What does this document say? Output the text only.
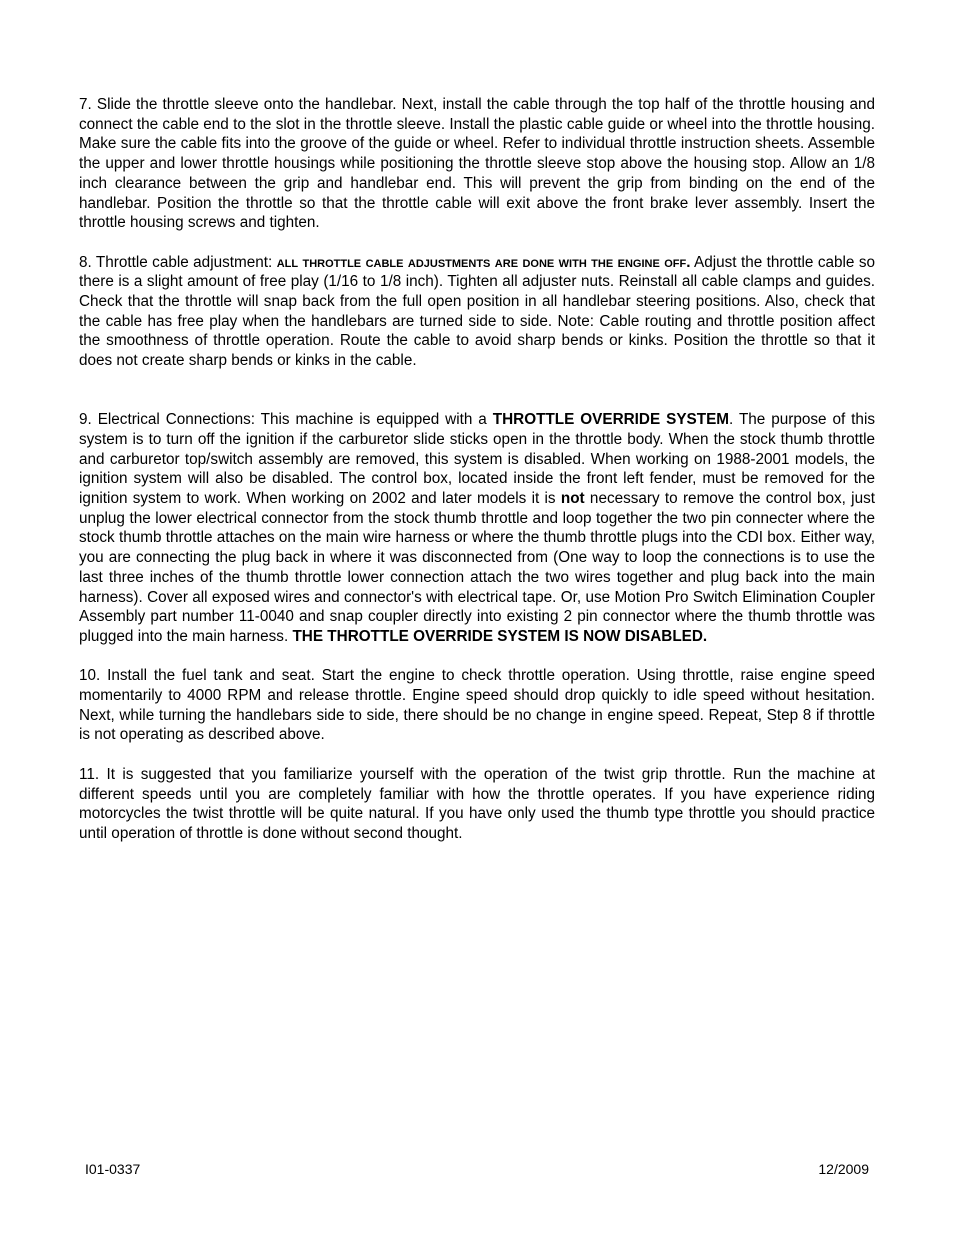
7. Slide the throttle sleeve onto the handlebar. Next, install the cable through the top half of the throttle housing and connect the cable end to the slot in the throttle sleeve. Install the plastic cable guide or wheel into the throttle housing. Make sure the cable fits into the groove of the guide or wheel. Refer to individual throttle instruction sheets. Assemble the upper and lower throttle housings while positioning the throttle sleeve stop above the housing stop. Allow an 1/8 inch clearance between the grip and handlebar end. This will prevent the grip from binding on the end of the handlebar. Position the throttle so that the throttle cable will exit above the front brake lever assembly. Insert the throttle housing screws and tighten.

8. Throttle cable adjustment: all throttle cable adjustments are done with the engine off. Adjust the throttle cable so there is a slight amount of free play (1/16 to 1/8 inch). Tighten all adjuster nuts. Reinstall all cable clamps and guides. Check that the throttle will snap back from the full open position in all handlebar steering positions. Also, check that the cable has free play when the handlebars are turned side to side. Note: Cable routing and throttle position affect the smoothness of throttle operation. Route the cable to avoid sharp bends or kinks. Position the throttle so that it does not create sharp bends or kinks in the cable.

9. Electrical Connections: This machine is equipped with a THROTTLE OVERRIDE SYSTEM. The purpose of this system is to turn off the ignition if the carburetor slide sticks open in the throttle body. When the stock thumb throttle and carburetor top/switch assembly are removed, this system is disabled. When working on 1988-2001 models, the ignition system will also be disabled. The control box, located inside the front left fender, must be removed for the ignition system to work. When working on 2002 and later models it is not necessary to remove the control box, just unplug the lower electrical connector from the stock thumb throttle and loop together the two pin connecter where the stock thumb throttle attaches on the main wire harness or where the thumb throttle plugs into the CDI box. Either way, you are connecting the plug back in where it was disconnected from (One way to loop the connections is to use the last three inches of the thumb throttle lower connection attach the two wires together and plug back into the main harness). Cover all exposed wires and connector's with electrical tape. Or, use Motion Pro Switch Elimination Coupler Assembly part number 11-0040 and snap coupler directly into existing 2 pin connector where the thumb throttle was plugged into the main harness. THE THROTTLE OVERRIDE SYSTEM IS NOW DISABLED.

10. Install the fuel tank and seat. Start the engine to check throttle operation. Using throttle, raise engine speed momentarily to 4000 RPM and release throttle. Engine speed should drop quickly to idle speed without hesitation. Next, while turning the handlebars side to side, there should be no change in engine speed. Repeat, Step 8 if throttle is not operating as described above.

11. It is suggested that you familiarize yourself with the operation of the twist grip throttle. Run the machine at different speeds until you are completely familiar with how the throttle operates. If you have experience riding motorcycles the twist throttle will be quite natural. If you have only used the thumb type throttle you should practice until operation of throttle is done without second thought.

I01-0337	12/2009
